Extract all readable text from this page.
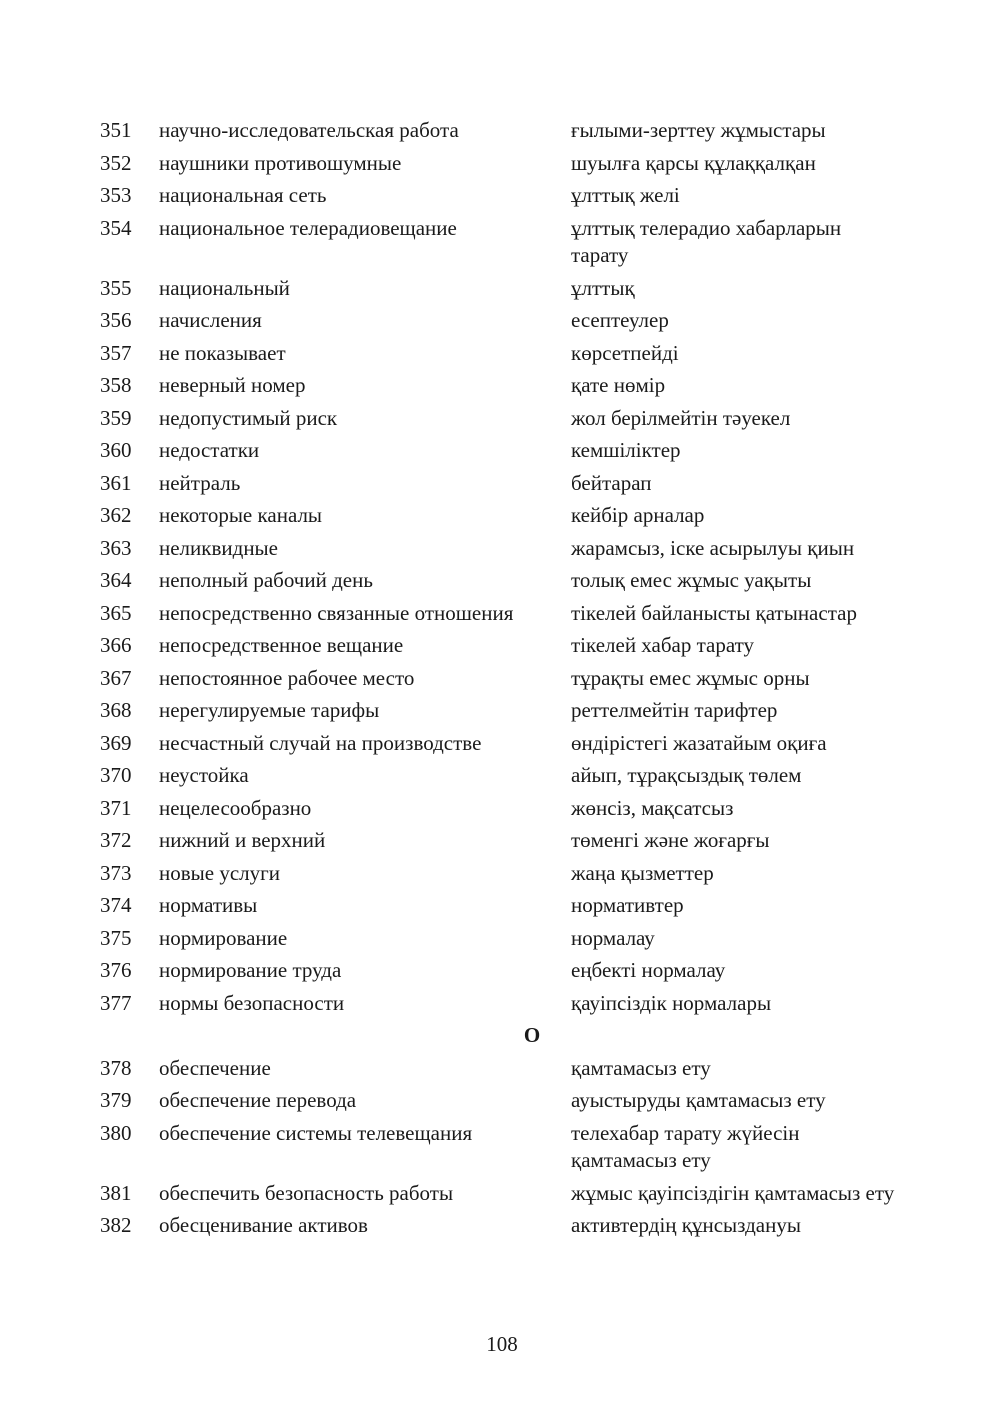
351	научно-исследовательская работа	ғылыми-зерттеу жұмыстары
352	наушники противошумные	шуылға қарсы құлаққалқан
353	национальная сеть	ұлттық желі
354	национальное телерадиовещание	ұлттық телерадио хабарларын тарату
355	национальный	ұлттық
356	начисления	есептеулер
357	не показывает	көрсетпейді
358	неверный номер	қате нөмір
359	недопустимый риск	жол берілмейтін тәуекел
360	недостатки	кемшіліктер
361	нейтраль	бейтарап
362	некоторые каналы	кейбір арналар
363	неликвидные	жарамсыз, іске асырылуы қиын
364	неполный рабочий день	толық емес жұмыс уақыты
365	непосредственно связанные отношения	тікелей байланысты қатынастар
366	непосредственное вещание	тікелей хабар тарату
367	непостоянное рабочее место	тұрақты емес жұмыс орны
368	нерегулируемые тарифы	реттелмейтін тарифтер
369	несчастный случай на производстве	өндірістегі жазатайым оқиға
370	неустойка	айып, тұрақсыздық төлем
371	нецелесообразно	жөнсіз, мақсатсыз
372	нижний и верхний	төменгі және жоғарғы
373	новые услуги	жаңа қызметтер
374	нормативы	нормативтер
375	нормирование	нормалау
376	нормирование труда	еңбекті нормалау
377	нормы безопасности	қауіпсіздік нормалары
О
378	обеспечение	қамтамасыз ету
379	обеспечение перевода	ауыстыруды қамтамасыз ету
380	обеспечение системы телевещания	телехабар тарату жүйесін қамтамасыз ету
381	обеспечить безопасность работы	жұмыс қауіпсіздігін қамтамасыз ету
382	обесценивание активов	активтердің құнсыздануы
108
